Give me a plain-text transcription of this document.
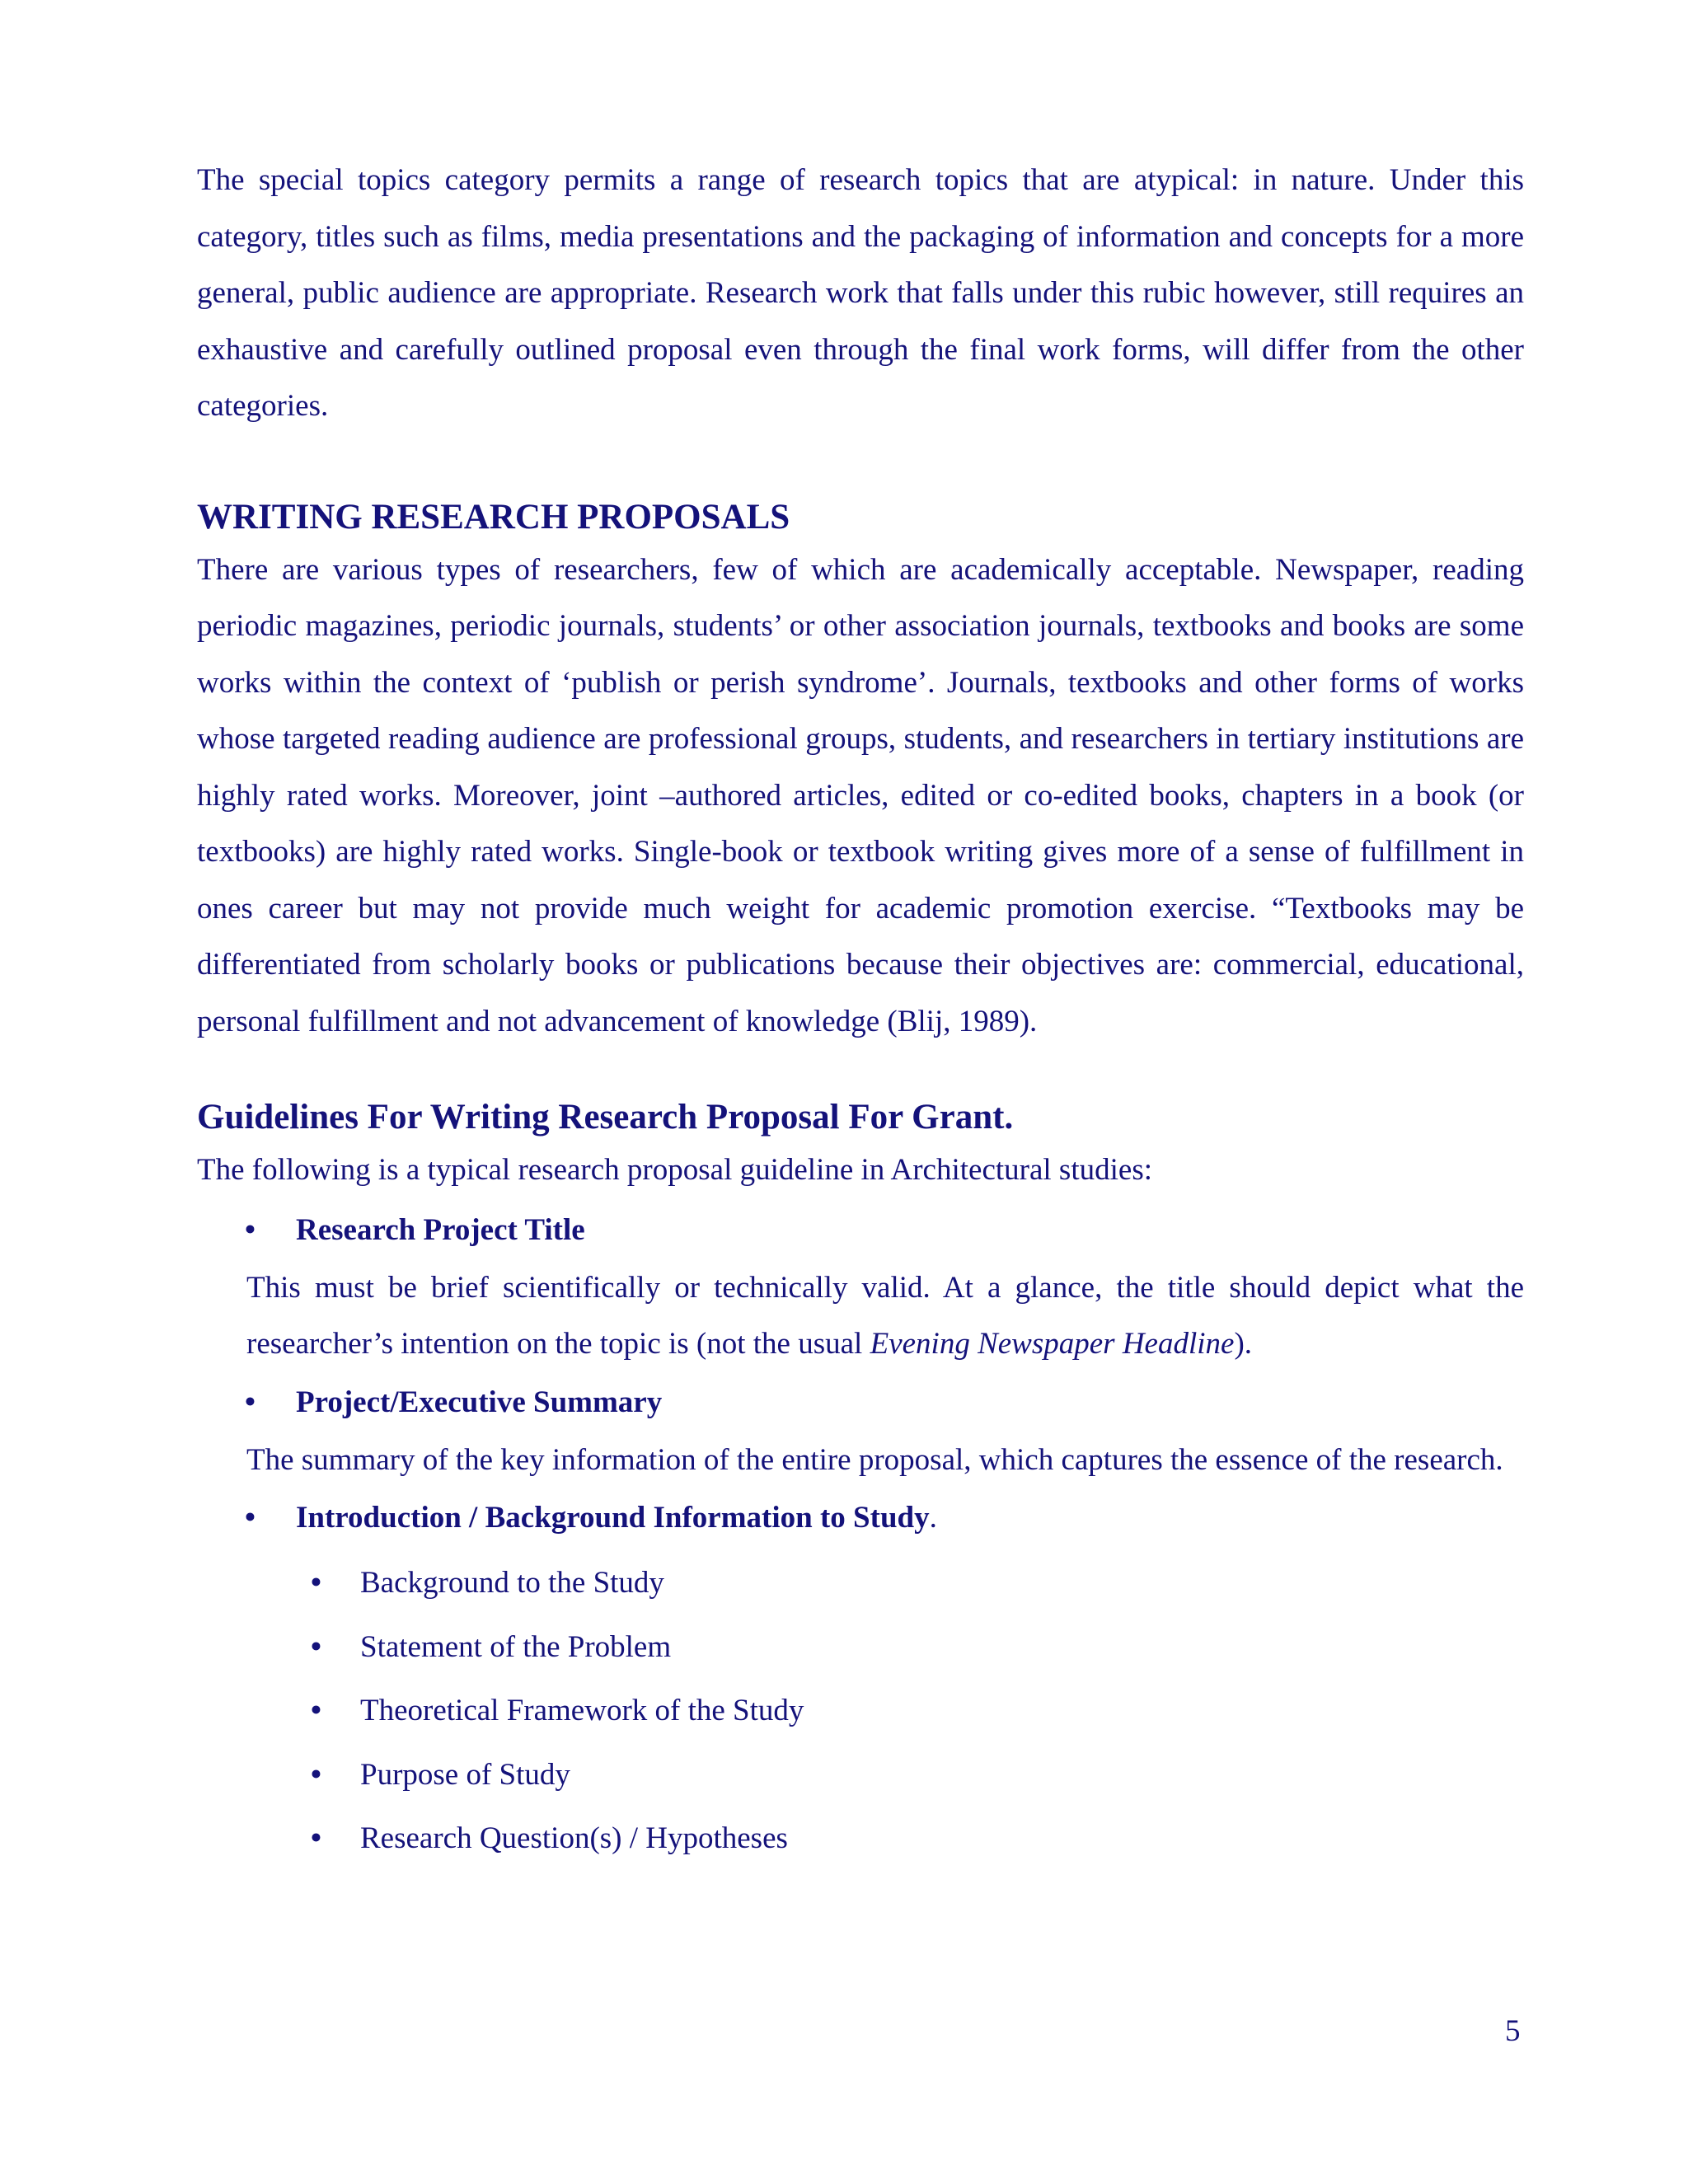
The special topics category permits a range of research topics that are atypical: in nature. Under this category, titles such as films, media presentations and the packaging of information and concepts for a more general, public audience are appropriate. Research work that falls under this rubic however, still requires an exhaustive and carefully outlined proposal even through the final work forms, will differ from the other categories.

WRITING RESEARCH PROPOSALS

There are various types of researchers, few of which are academically acceptable. Newspaper, reading periodic magazines, periodic journals, students’ or other association journals, textbooks and books are some works within the context of ‘publish or perish syndrome’. Journals, textbooks and other forms of works whose targeted reading audience are professional groups, students, and researchers in tertiary institutions are highly rated works. Moreover, joint –authored articles, edited or co-edited books, chapters in a book (or textbooks) are highly rated works. Single-book or textbook writing gives more of a sense of fulfillment in ones career but may not provide much weight for academic promotion exercise. “Textbooks may be differentiated from scholarly books or publications because their objectives are: commercial, educational, personal fulfillment and not advancement of knowledge (Blij, 1989).

Guidelines For Writing Research Proposal For Grant.

The following is a typical research proposal guideline in Architectural studies:

• Research Project Title

This must be brief scientifically or technically valid. At a glance, the title should depict what the researcher’s intention on the topic is (not the usual Evening Newspaper Headline).

• Project/Executive Summary

The summary of the key information of the entire proposal, which captures the essence of the research.

• Introduction / Background Information to Study.
• Background to the Study
• Statement of the Problem
• Theoretical Framework of the Study
• Purpose of Study
• Research Question(s) / Hypotheses
5
